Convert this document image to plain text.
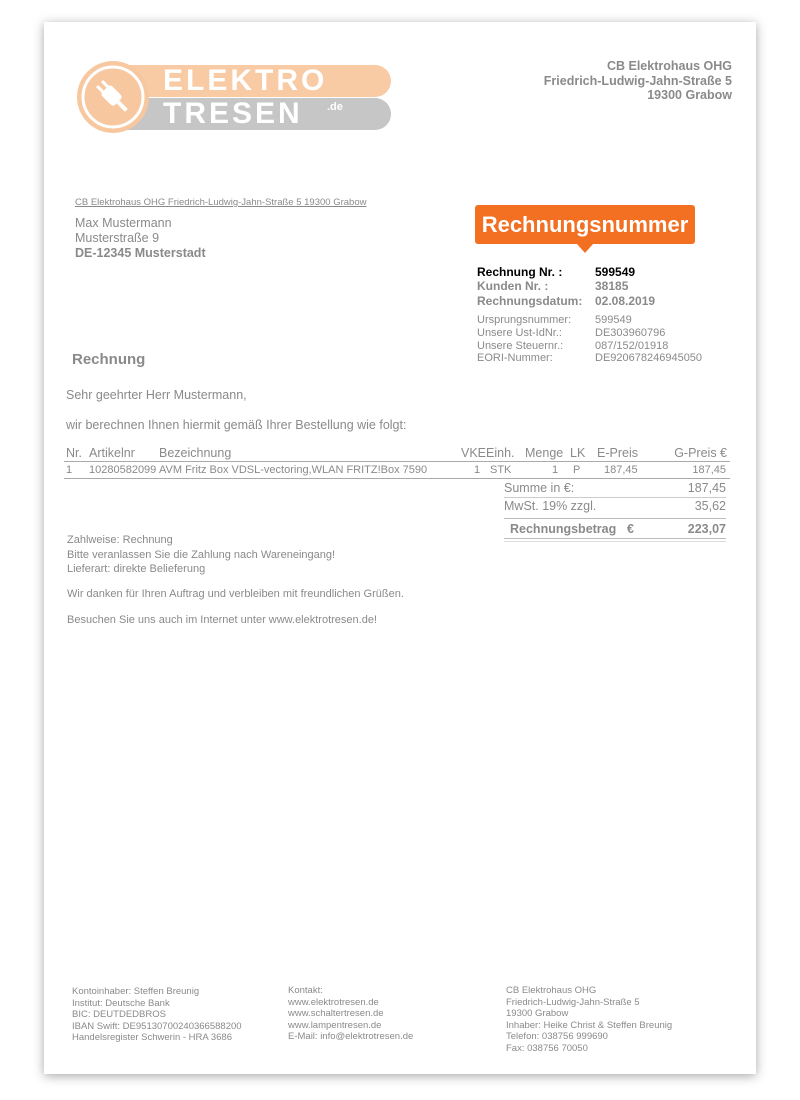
ELEKTRO
TRESEN .de
CB Elektrohaus OHG
Friedrich-Ludwig-Jahn-Straße 5
19300 Grabow
CB Elektrohaus OHG Friedrich-Ludwig-Jahn-Straße 5 19300 Grabow
Max Mustermann
Musterstraße 9
DE-12345 Musterstadt
Rechnungsnummer
Rechnung Nr. :	599549
Kunden Nr. :	38185
Rechnungsdatum: 02.08.2019
Ursprungsnummer: 599549
Unsere Ust-IdNr.:	DE303960796
Unsere Steuernr.:	087/152/01918
EORI-Nummer:	DE920678246945050
Rechnung
Sehr geehrter Herr Mustermann,
wir berechnen Ihnen hiermit gemäß Ihrer Bestellung wie folgt:
Nr. Artikelnr Bezeichnung	VKE Einh. Menge LK E-Preis	G-Preis €
1 10280582099 AVM Fritz Box VDSL-vectoring,WLAN FRITZ!Box 7590	1 STK	1 P 187,45	187,45
Summe in €:	187,45
MwSt. 19% zzgl.	35,62
Rechnungsbetrag €	223,07
Zahlweise: Rechnung
Bitte veranlassen Sie die Zahlung nach Wareneingang!
Lieferart: direkte Belieferung
Wir danken für Ihren Auftrag und verbleiben mit freundlichen Grüßen.
Besuchen Sie uns auch im Internet unter www.elektrotresen.de!
Kontoinhaber: Steffen Breunig
Institut: Deutsche Bank
BIC: DEUTDEDBROS
IBAN Swift: DE95130700240366588200
Handelsregister Schwerin - HRA 3686
Kontakt:
www.elektrotresen.de
www.schaltertresen.de
www.lampentresen.de
E-Mail: info@elektrotresen.de
CB Elektrohaus OHG
Friedrich-Ludwig-Jahn-Straße 5
19300 Grabow
Inhaber: Heike Christ & Steffen Breunig
Telefon: 038756 999690
Fax: 038756 70050
